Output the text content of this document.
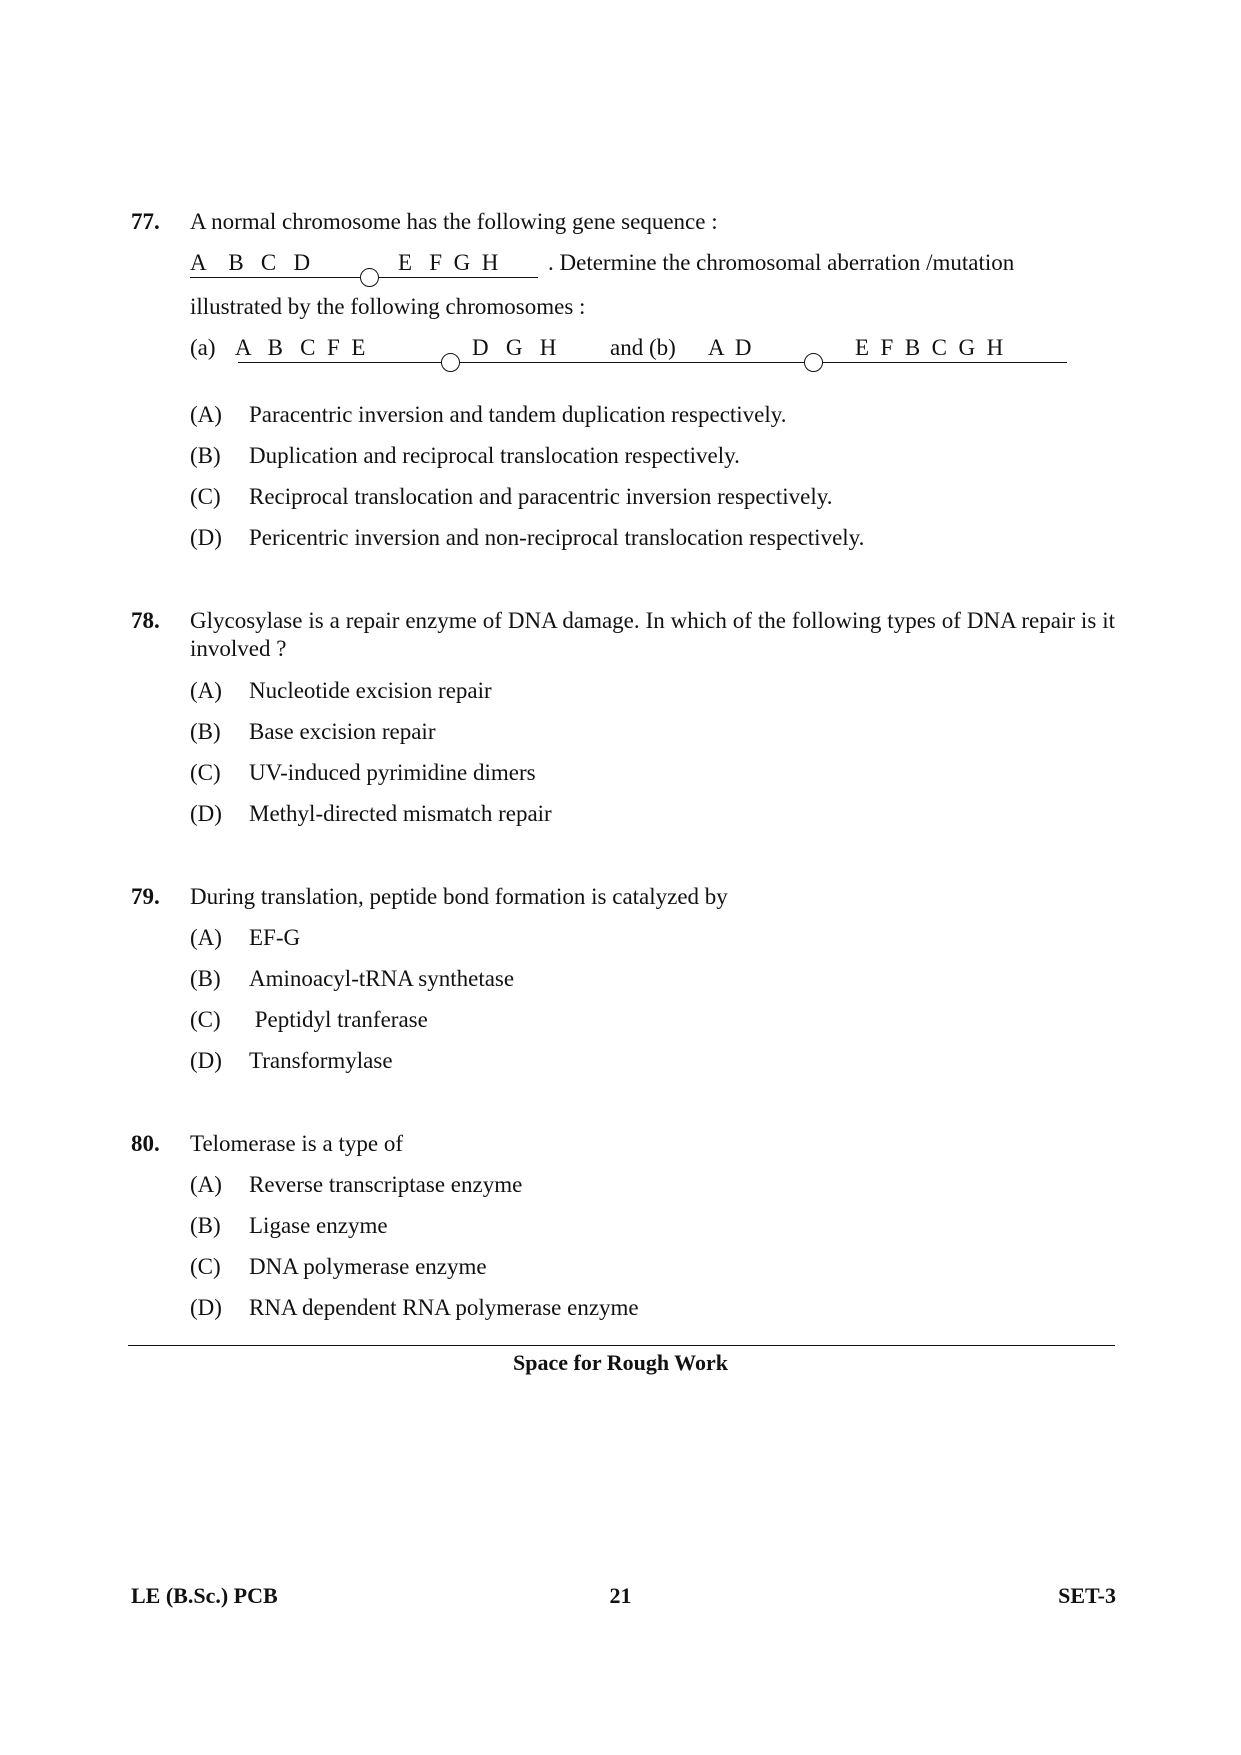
77. A normal chromosome has the following gene sequence :
A    B   C   D	E   F  G  H . Determine the chromosomal aberration /mutation
illustrated by the following chromosomes :
(a) A   B   C  F  E	D   G   H and (b) A  D	E  F  B  C  G  H
(A) Paracentric inversion and tandem duplication respectively.
(B) Duplication and reciprocal translocation respectively.
(C) Reciprocal translocation and paracentric inversion respectively.
(D) Pericentric inversion and non-reciprocal translocation respectively.
78. Glycosylase is a repair enzyme of DNA damage. In which of the following types of DNA repair is it involved ?
(A) Nucleotide excision repair
(B) Base excision repair
(C) UV-induced pyrimidine dimers
(D) Methyl-directed mismatch repair
79. During translation, peptide bond formation is catalyzed by
(A) EF-G
(B) Aminoacyl-tRNA synthetase
(C) Peptidyl tranferase
(D) Transformylase
80. Telomerase is a type of
(A) Reverse transcriptase enzyme
(B) Ligase enzyme
(C) DNA polymerase enzyme
(D) RNA dependent RNA polymerase enzyme
Space for Rough Work
LE (B.Sc.) PCB	21	SET-3
